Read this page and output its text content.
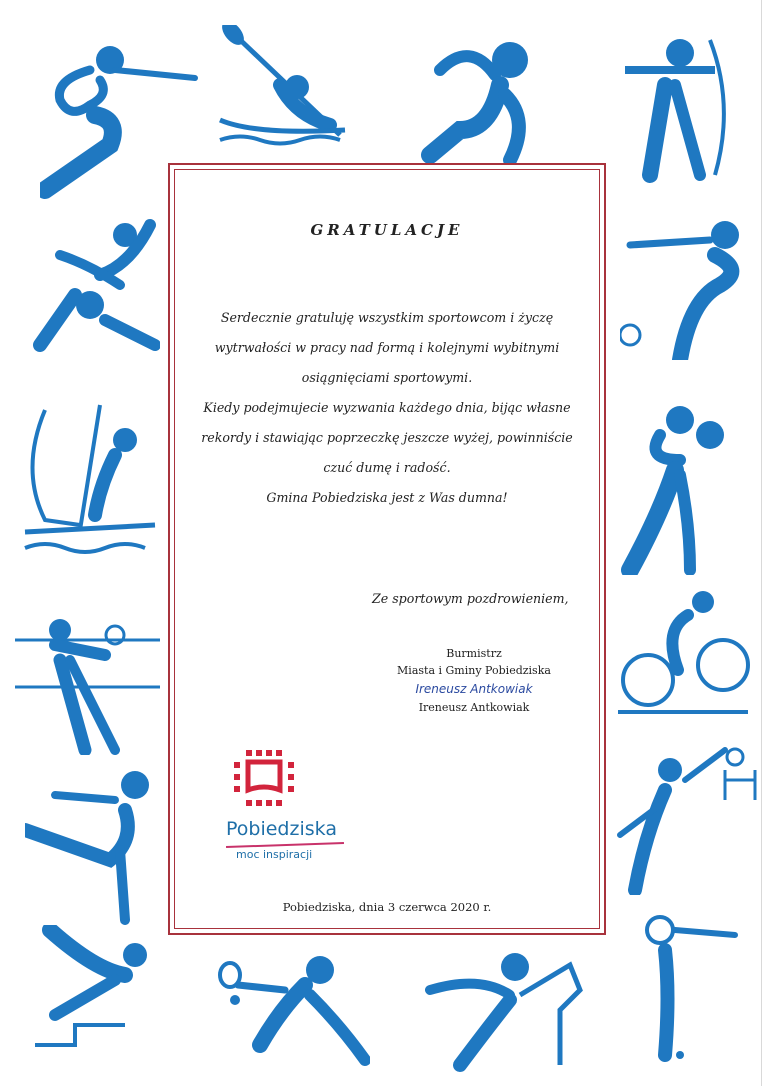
GRATULACJE

Serdecznie gratuluję wszystkim sportowcom i życzę wytrwałości w pracy nad formą i kolejnymi wybitnymi osiągnięciami sportowymi.

Kiedy podejmujecie wyzwania każdego dnia, bijąc własne rekordy i stawiając poprzeczkę jeszcze wyżej, powinniście czuć dumę i radość.

Gmina Pobiedziska jest z Was dumna!

Ze sportowym pozdrowieniem,
Burmistrz
Miasta i Gminy Pobiedziska
Ireneusz Antkowiak
Ireneusz Antkowiak
Pobiedziska
moc inspiracji
Pobiedziska, dnia 3 czerwca 2020 r.
